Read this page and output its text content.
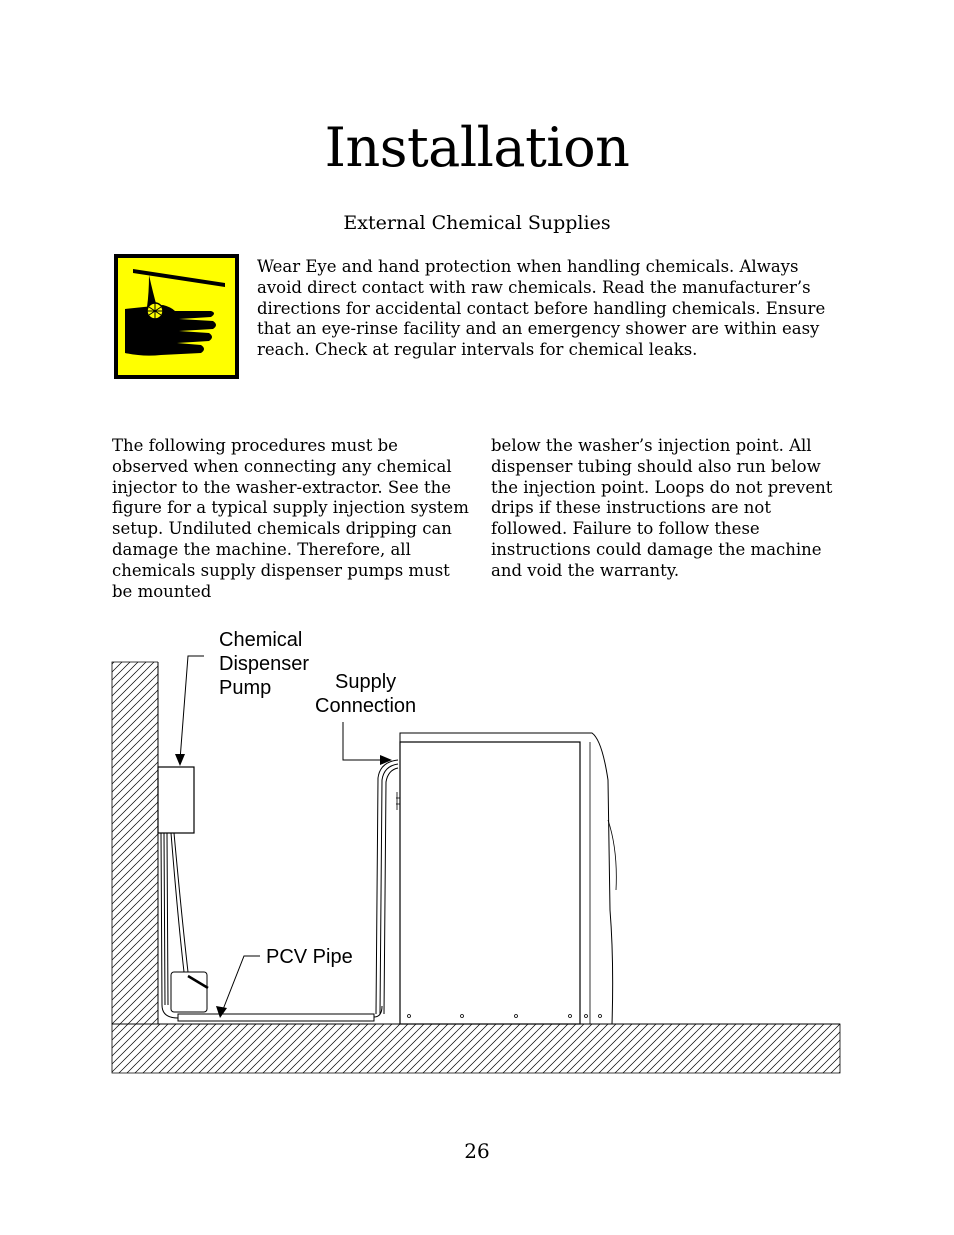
Installation
External Chemical Supplies
Wear Eye and hand protection when handling chemicals. Always avoid direct contact with raw chemicals. Read the manufacturer’s directions for accidental contact before handling chemicals. Ensure that an eye-rinse facility and an emergency shower are within easy reach. Check at regular intervals for chemical leaks.
The following procedures must be observed when connecting any chemical injector to the washer-extractor. See the figure for a typical supply injection system setup. Undiluted chemicals dripping can damage the machine. Therefore, all chemicals supply dispenser pumps must be mounted
below the washer’s injection point. All dispenser tubing should also run below the injection point. Loops do not prevent drips if these instructions are not followed. Failure to follow these instructions could damage the machine and void the warranty.
Chemical
Dispenser
Pump	Supply
Connection
PCV Pipe
26
